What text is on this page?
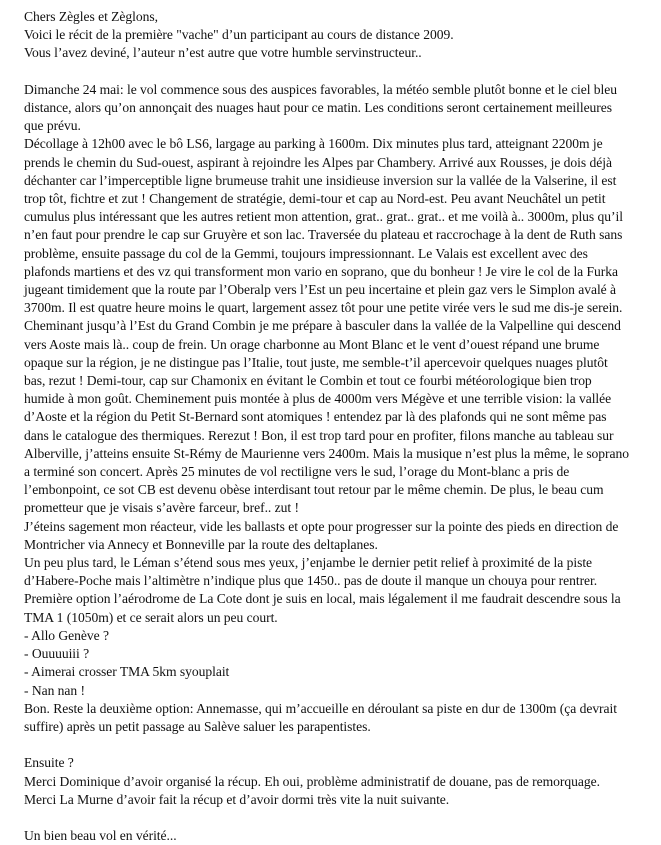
Chers Zègles et Zèglons,
Voici le récit de la première "vache" d’un participant au cours de distance 2009.
Vous l’avez deviné, l’auteur n’est autre que votre humble servinstructeur..
Dimanche 24 mai: le vol commence sous des auspices favorables, la météo semble plutôt bonne et le ciel bleu
distance, alors qu’on annonçait des nuages haut pour ce matin. Les conditions seront certainement meilleures
que prévu.
Décollage à 12h00 avec le bô LS6, largage au parking à 1600m. Dix minutes plus tard, atteignant 2200m je
prends le chemin du Sud-ouest, aspirant à rejoindre les Alpes par Chambery. Arrivé aux Rousses, je dois déjà
déchanter car l’imperceptible ligne brumeuse trahit une insidieuse inversion sur la vallée de la Valserine, il est
trop tôt, fichtre et zut ! Changement de stratégie, demi-tour et cap au Nord-est. Peu avant Neuchâtel un petit
cumulus plus intéressant que les autres retient mon attention, grat.. grat.. grat.. et me voilà à.. 3000m, plus qu’il
n’en faut pour prendre le cap sur Gruyère et son lac. Traversée du plateau et raccrochage à la dent de Ruth sans
problème, ensuite passage du col de la Gemmi, toujours impressionnant. Le Valais est excellent avec des
plafonds martiens et des vz qui transforment mon vario en soprano, que du bonheur ! Je vire le col de la Furka
jugeant timidement que la route par l’Oberalp vers l’Est un peu incertaine et plein gaz vers le Simplon avalé à
3700m. Il est quatre heure moins le quart, largement assez tôt pour une petite virée vers le sud me dis-je serein.
Cheminant jusqu’à l’Est du Grand Combin je me prépare à basculer dans la vallée de la Valpelline qui descend
vers Aoste mais là.. coup de frein. Un orage charbonne au Mont Blanc et le vent d’ouest répand une brume
opaque sur la région, je ne distingue pas l’Italie, tout juste, me semble-t’il apercevoir quelques nuages plutôt
bas, rezut ! Demi-tour, cap sur Chamonix en évitant le Combin et tout ce fourbi météorologique bien trop
humide à mon goût. Cheminement puis montée à plus de 4000m vers Mégève et une terrible vision: la vallée
d’Aoste et la région du Petit St-Bernard sont atomiques ! entendez par là des plafonds qui ne sont même pas
dans le catalogue des thermiques. Rerezut ! Bon, il est trop tard pour en profiter, filons manche au tableau sur
Alberville, j’atteins ensuite St-Rémy de Maurienne vers 2400m. Mais la musique n’est plus la même, le soprano
a terminé son concert. Après 25 minutes de vol rectiligne vers le sud, l’orage du Mont-blanc a pris de
l’embonpoint, ce sot CB est devenu obèse interdisant tout retour par le même chemin. De plus, le beau cum
prometteur que je visais s’avère farceur, bref.. zut !
J’éteins sagement mon réacteur, vide les ballasts et opte pour progresser sur la pointe des pieds en direction de
Montricher via Annecy et Bonneville par la route des deltaplanes.
Un peu plus tard, le Léman s’étend sous mes yeux, j’enjambe le dernier petit relief à proximité de la piste
d’Habere-Poche mais l’altimètre n’indique plus que 1450.. pas de doute il manque un chouya pour rentrer.
Première option l’aérodrome de La Cote dont je suis en local, mais légalement il me faudrait descendre sous la
TMA 1 (1050m) et ce serait alors un peu court.
- Allo Genève ?
- Ouuuuiii ?
- Aimerai crosser TMA 5km syouplait
- Nan nan !
Bon. Reste la deuxième option: Annemasse, qui m’accueille en déroulant sa piste en dur de 1300m (ça devrait
suffire) après un petit passage au Salève saluer les parapentistes.
Ensuite ?
Merci Dominique d’avoir organisé la récup. Eh oui, problème administratif de douane, pas de remorquage.
Merci La Murne d’avoir fait la récup et d’avoir dormi très vite la nuit suivante.
Un bien beau vol en vérité...
